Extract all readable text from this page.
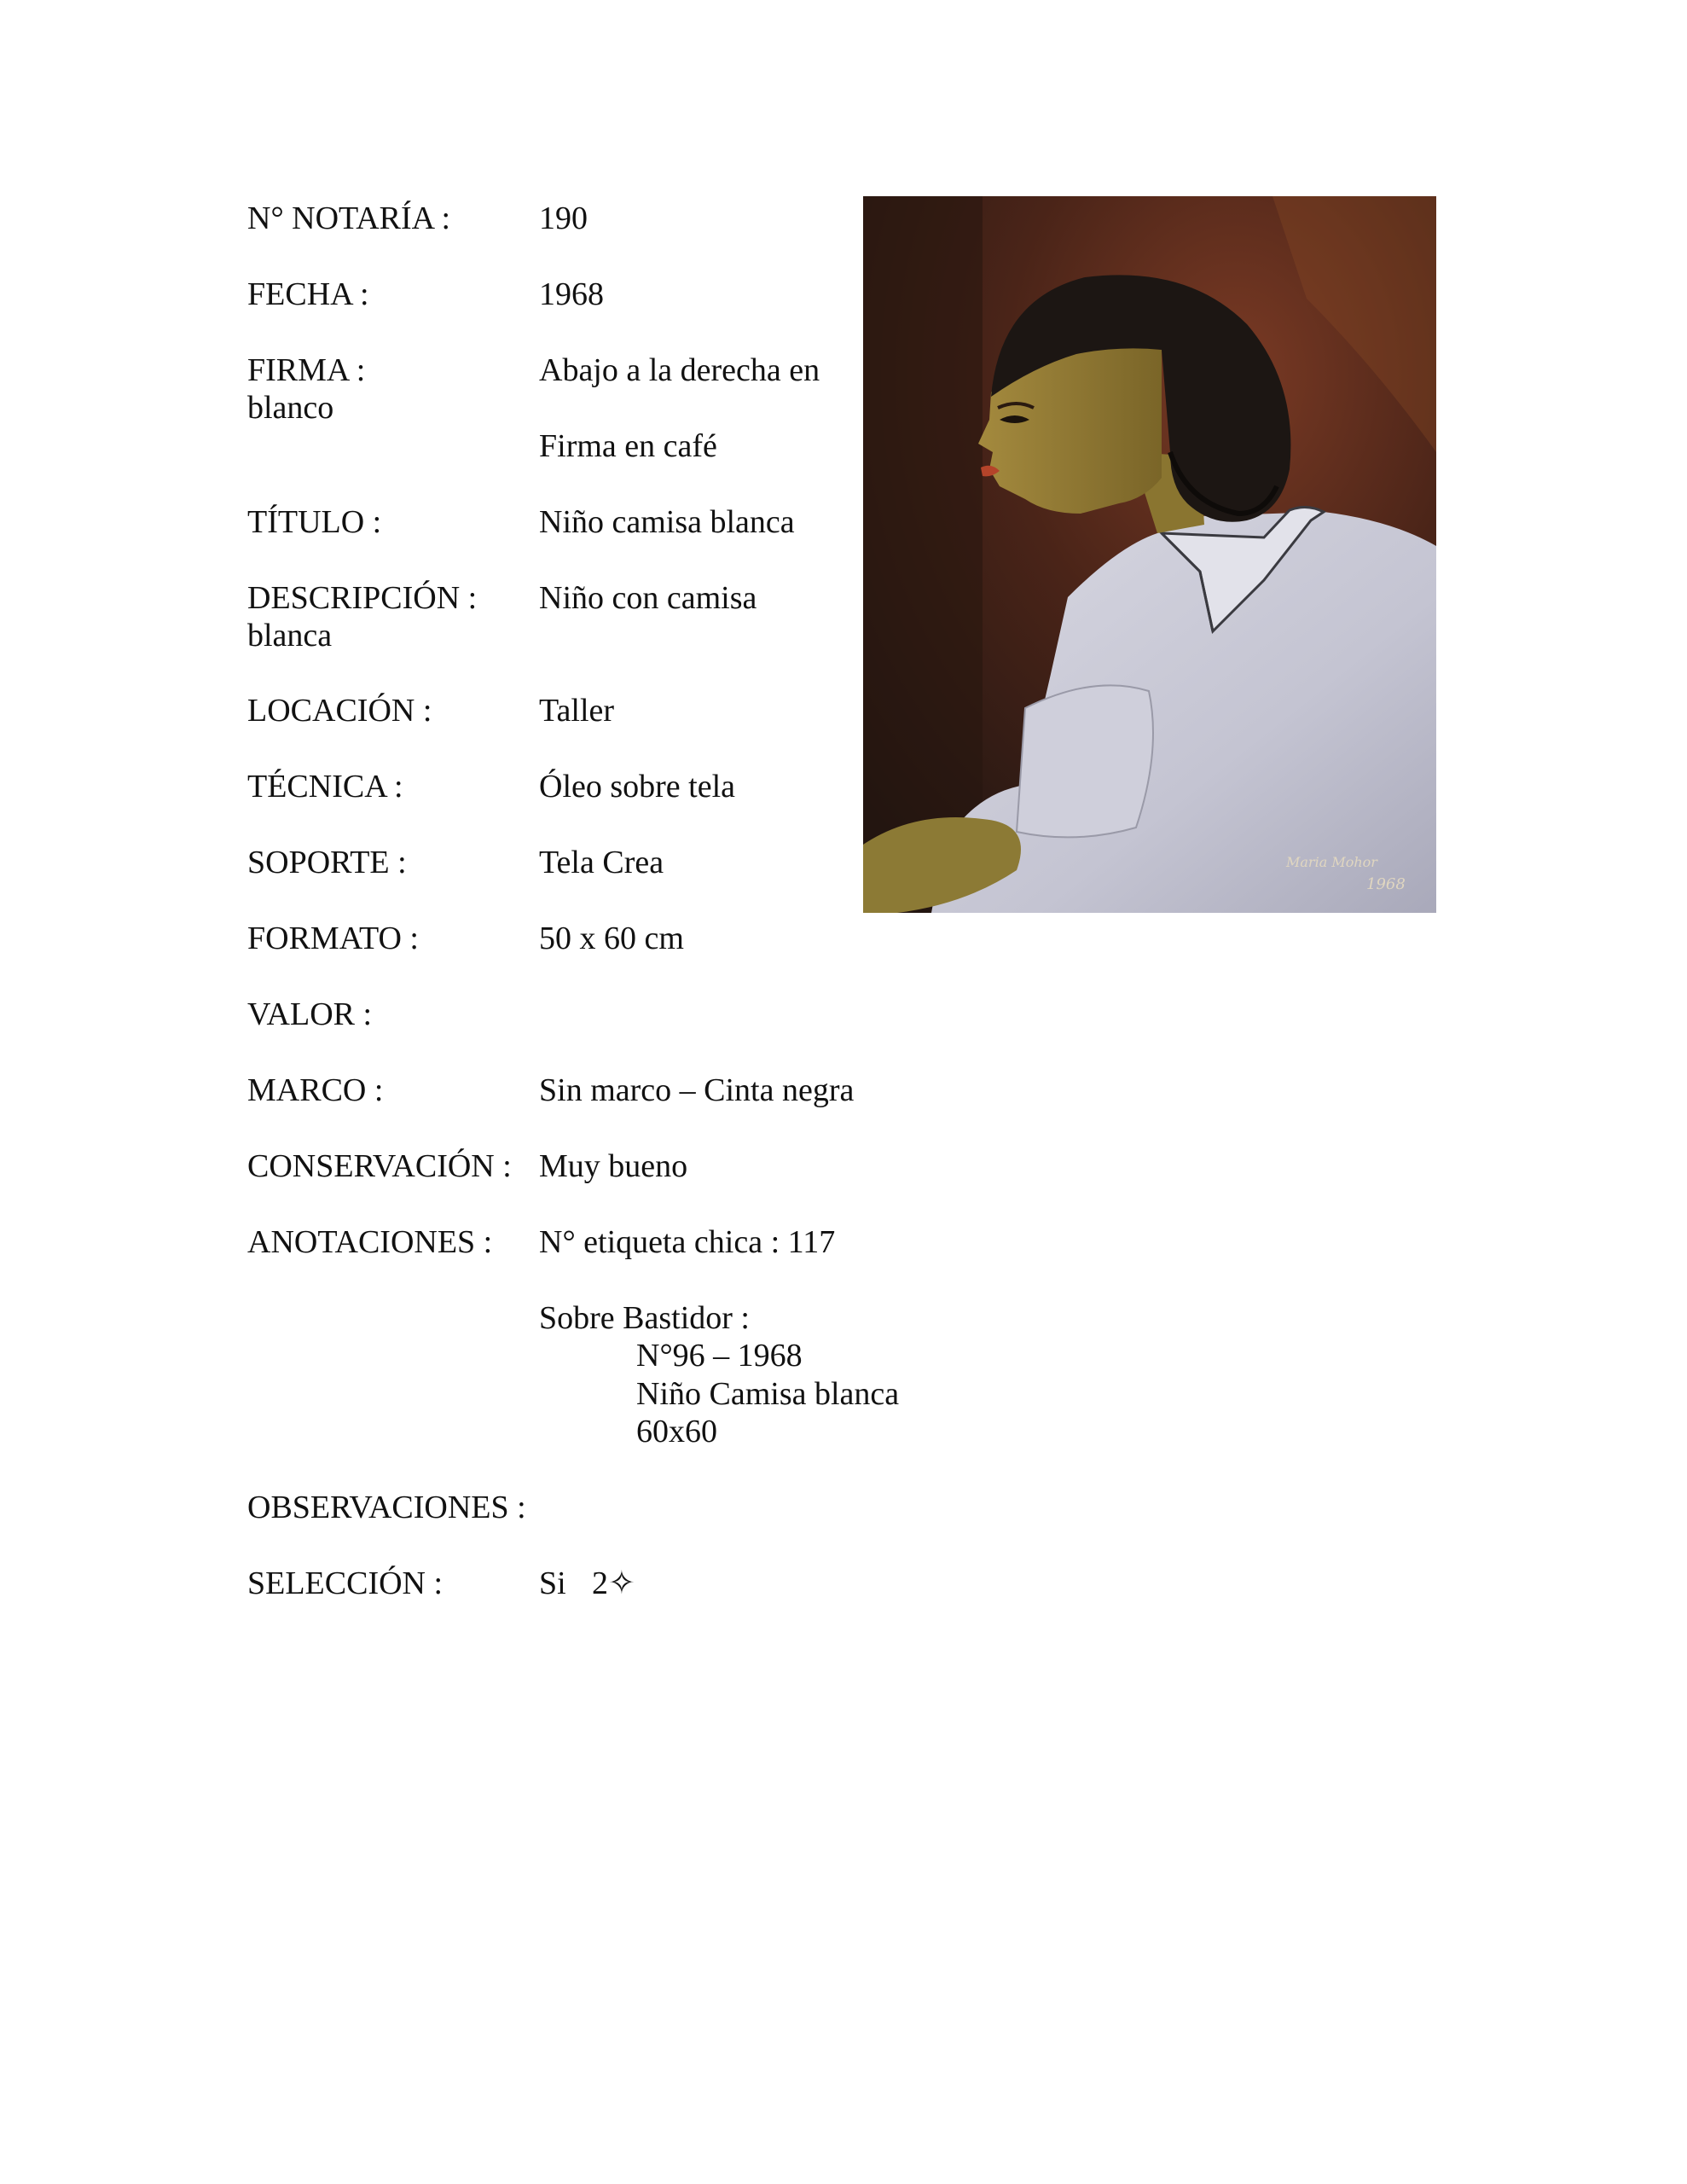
N° NOTARÍA :	190
FECHA :	1968
FIRMA :	Abajo a la derecha en
blanco
Firma en café
TÍTULO :	Niño camisa blanca
DESCRIPCIÓN : Niño con camisa
blanca
LOCACIÓN :	Taller
TÉCNICA :	Óleo sobre tela
SOPORTE :	Tela Crea
FORMATO :	50 x 60 cm
VALOR :
MARCO :	Sin marco – Cinta negra
CONSERVACIÓN : Muy bueno
ANOTACIONES : N° etiqueta chica : 117
Sobre Bastidor :
N°96 – 1968
Niño Camisa blanca
60x60
OBSERVACIONES :
SELECCIÓN :	Si 2✧
Maria Mohor
1968
